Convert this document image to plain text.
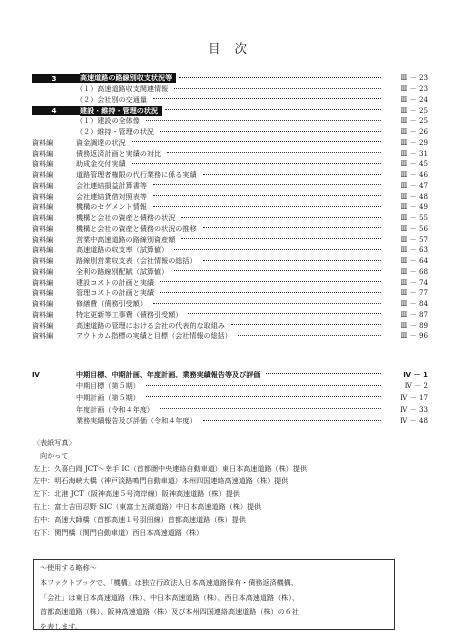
目次
3	高速道路の路線別収支状況等	Ⅲ － 23
（１）高速道路収支関連情報	Ⅲ － 23
（２）会社別の交通量	Ⅲ － 24
4	建設・維持・管理の状況	Ⅲ － 25
（１）建設の全体像	Ⅲ － 25
（２）維持・管理の状況	Ⅲ － 26
資料編	資金調達の状況	Ⅲ － 29
資料編	債務返済計画と実績の対比	Ⅲ － 31
資料編	助成金交付実績	Ⅲ － 45
資料編	道路管理者権限の代行業務に係る実績	Ⅲ － 46
資料編	会社連結損益計算書等	Ⅲ － 47
資料編	会社連結貸借対照表等	Ⅲ － 48
資料編	機構のセグメント情報	Ⅲ － 49
資料編	機構と会社の資産と債務の状況	Ⅲ － 55
資料編	機構と会社の資産と債務の状況の推移	Ⅲ － 56
資料編	営業中高速道路の路線別資産額	Ⅲ － 57
資料編	高速道路の収支率（試算値）	Ⅲ － 63
資料編	路線別営業収支表（会社情報の総括）	Ⅲ － 64
資料編	全利の路線別配賦（試算値）	Ⅲ － 68
資料編	建設コストの計画と実績	Ⅲ － 74
資料編	管理コストの計画と実績	Ⅲ － 77
資料編	修繕費（債務引受額）	Ⅲ － 84
資料編	特定更新等工事費（債務引受額）	Ⅲ － 87
資料編	高速道路の管理における会社の代表的な取組み	Ⅲ － 89
資料編	アウトカム指標の実績と目標（会社情報の総括）	Ⅲ － 96
Ⅳ	中期目標、中期計画、年度計画、業務実績報告等及び評価	Ⅳ － 1
中期目標（第５期）	Ⅳ － 2
中期計画（第５期）	Ⅳ － 17
年度計画（令和４年度）	Ⅳ － 33
業務実績報告及び評価（令和４年度）	Ⅳ － 48
〈表紙写真〉
向かって
左上：久喜白岡 JCT～幸手 IC（首都圏中央連絡自動車道）東日本高速道路（株）提供
左中：明石海峡大橋（神戸淡路鳴門自動車道）本州四国連絡高速道路（株）提供
左下：北港 JCT（阪神高速５号湾岸線）阪神高速道路（株）提供
右上：富士吉田忍野 SIC（東富士五湖道路）中日本高速道路（株）提供
右中：高速大師橋（首都高速１号羽田線）首都高速道路（株）提供
右下：関門橋（関門自動車道）西日本高速道路（株）
～使用する略称～
本ファクトブックで、「機構」は独立行政法人日本高速道路保有・債務返済機構、
「会社」は東日本高速道路（株）、中日本高速道路（株）、西日本高速道路（株）、
首都高速道路（株）、阪神高速道路（株）及び本州四国連絡高速道路（株）の６社
を表します。
